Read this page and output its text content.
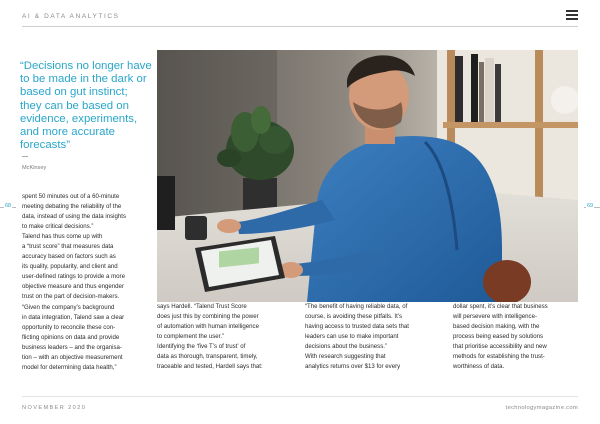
AI & DATA ANALYTICS
“Decisions no longer have to be made in the dark or based on gut instinct; they can be based on evidence, experiments, and more accurate forecasts”
McKinsey
68	69

spent 50 minutes out of a 60-minute

meeting debating the reliability of the

data, instead of using the data insights

to make critical decisions.”

Talend has thus come up with

a “trust score” that measures data

accuracy based on factors such as

its quality, popularity, and client and

user-defined ratings to provide a more

objective measure and thus engender

trust on the part of decision-makers.

“Given the company’s background

in data integration, Talend saw a clear

opportunity to reconcile these con-

flicting opinions on data and provide

business leaders – and the organisa-

tion – with an objective measurement

model for determining data health,”

says Hardell. “Talend Trust Score

does just this by combining the power

of automation with human intelligence

to complement the user.”

Identifying the ‘five T’s of trust’ of

data as thorough, transparent, timely,

traceable and tested, Hardell says that:

“The benefit of having reliable data, of

course, is avoiding these pitfalls. It’s

having access to trusted data sets that

leaders can use to make important

decisions about the business.”

With research suggesting that

analytics returns over $13 for every

dollar spent, it’s clear that business

will persevere with intelligence-

based decision making, with the

process being eased by solutions

that prioritise accessibility and new

methods for establishing the trust-

worthiness of data.

NOVEMBER 2020	technologymagazine.com
